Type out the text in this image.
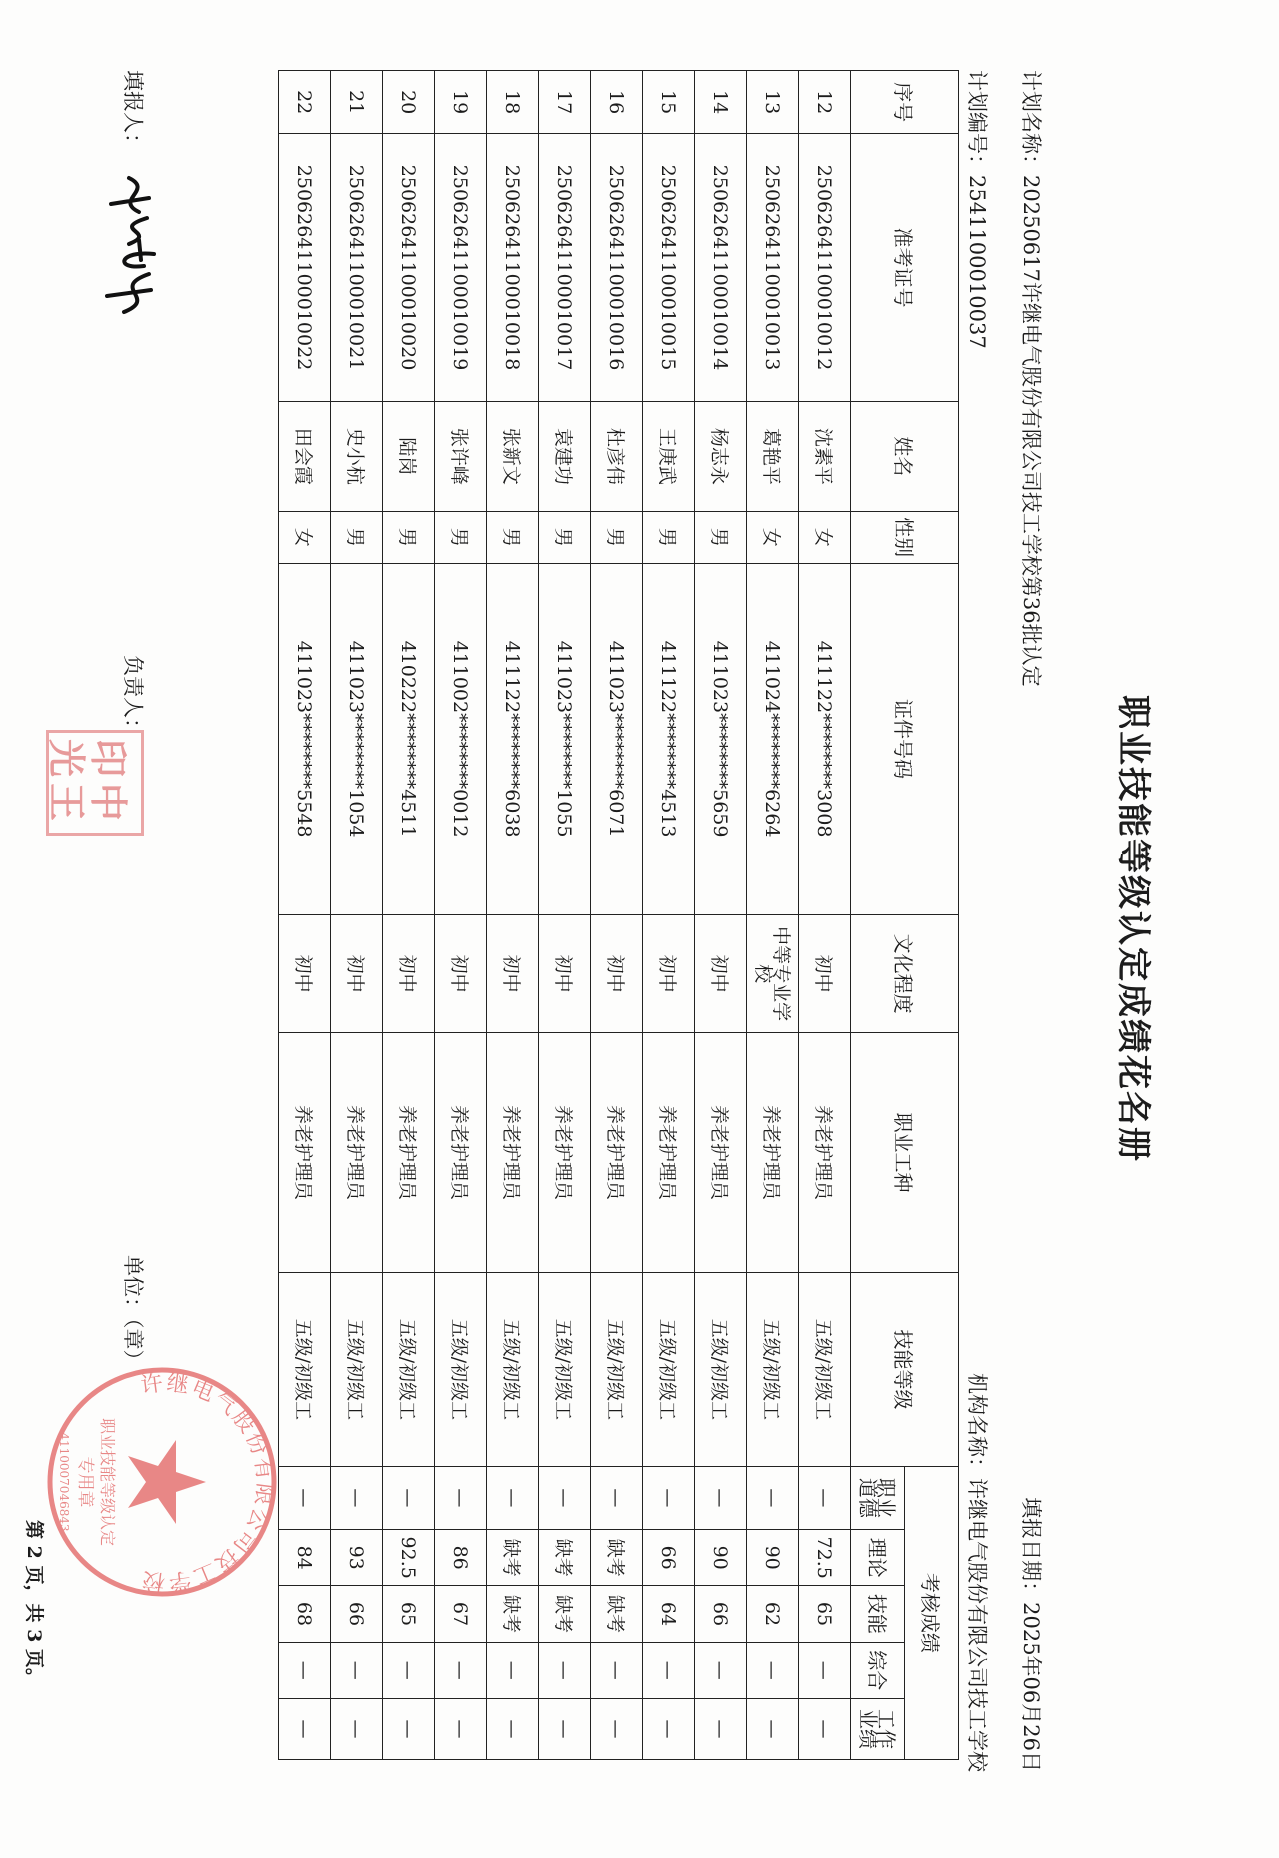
职业技能等级认定成绩花名册
计划名称：20250617许继电气股份有限公司技工学校第36批认定
填报日期：2025年06月26日
计划编号：2541100010037
机构名称：许继电气股份有限公司技工学校
序号	准考证号	姓名	性别	证件号码	文化程度	职业工种	技能等级	考核成绩				
								职业道德	理论	技能	综合	工作业绩
12	25062641100010012	沈素平	女	411122********3008	初中	养老护理员	五级/初级工	—	72.5	65	—	—
13	25062641100010013	葛艳平	女	411024********6264	中等专业学校	养老护理员	五级/初级工	—	90	62	—	—
14	25062641100010014	杨志永	男	411023********5659	初中	养老护理员	五级/初级工	—	90	66	—	—
15	25062641100010015	王庚武	男	411122********4513	初中	养老护理员	五级/初级工	—	66	64	—	—
16	25062641100010016	杜彦伟	男	411023********6071	初中	养老护理员	五级/初级工	—	缺考	缺考	—	—
17	25062641100010017	袁建功	男	411023********1055	初中	养老护理员	五级/初级工	—	缺考	缺考	—	—
18	25062641100010018	张新文	男	411122********6038	初中	养老护理员	五级/初级工	—	缺考	缺考	—	—
19	25062641100010019	张许峰	男	411002********0012	初中	养老护理员	五级/初级工	—	86	67	—	—
20	25062641100010020	陆岗	男	410222********4511	初中	养老护理员	五级/初级工	—	92.5	65	—	—
21	25062641100010021	史小杭	男	411023********1054	初中	养老护理员	五级/初级工	—	93	66	—	—
22	25062641100010022	田会霞	女	411023********5548	初中	养老护理员	五级/初级工	—	84	68	—	—
填报人：
负责人：
中
王
印
光
单位：（章）
许继电气股份有限公司技工学校
职业技能等级认定
专用章
4110007046843
第 2 页，共 3 页。
